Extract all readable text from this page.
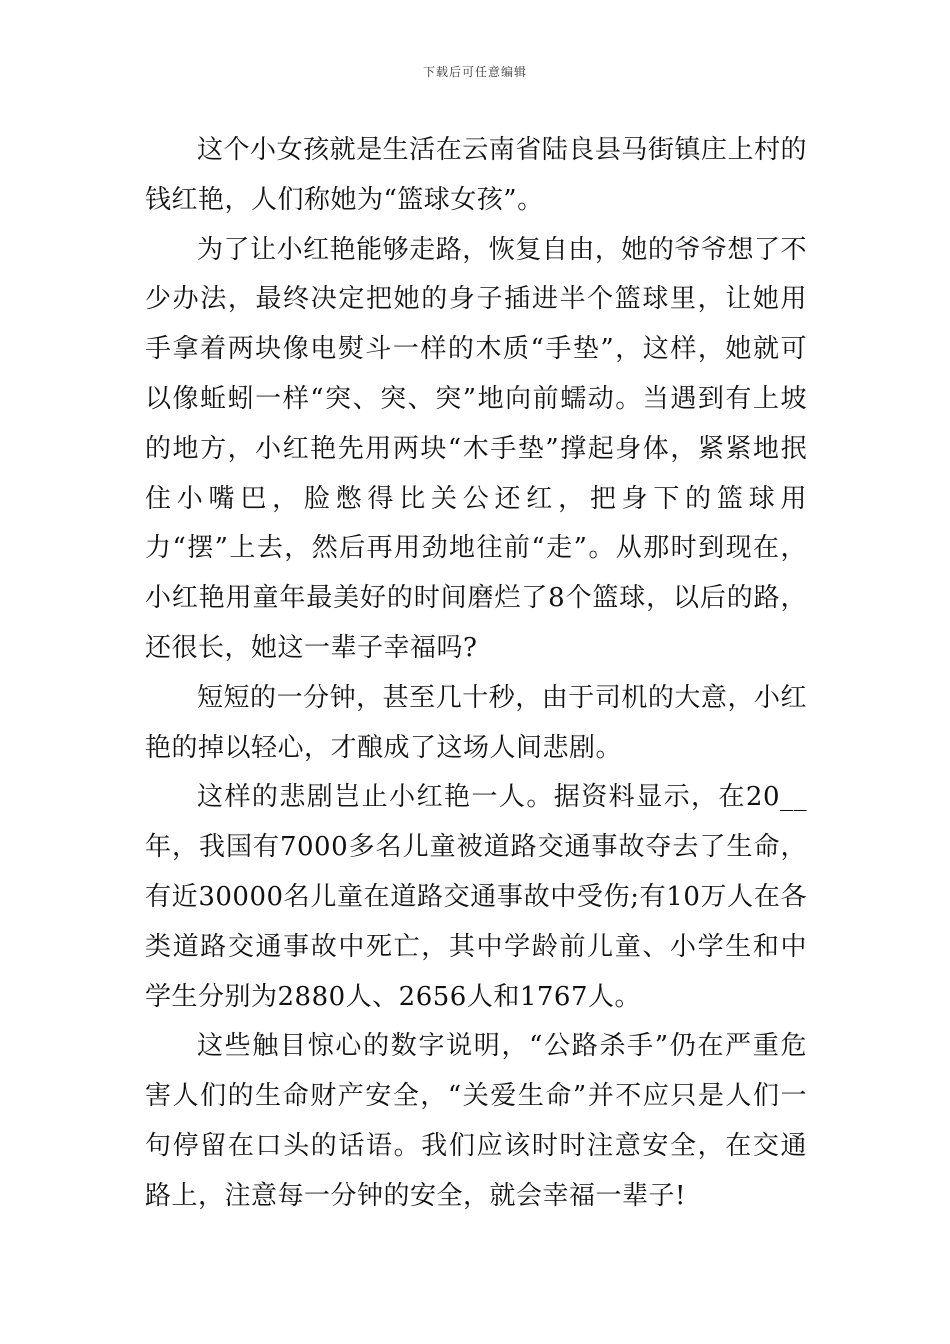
下载后可任意编辑

这个小女孩就是生活在云南省陆良县马街镇庄上村的钱红艳，人们称她为“篮球女孩”。

为了让小红艳能够走路，恢复自由，她的爷爷想了不少办法，最终决定把她的身子插进半个篮球里，让她用手拿着两块像电熨斗一样的木质“手垫”，这样，她就可以像蚯蚓一样“突、突、突”地向前蠕动。当遇到有上坡的地方，小红艳先用两块“木手垫”撑起身体，紧紧地抿住小嘴巴，脸憋得比关公还红，把身下的篮球用力“摆”上去，然后再用劲地往前“走”。从那时到现在，小红艳用童年最美好的时间磨烂了8个篮球，以后的路，还很长，她这一辈子幸福吗?

短短的一分钟，甚至几十秒，由于司机的大意，小红艳的掉以轻心，才酿成了这场人间悲剧。

这样的悲剧岂止小红艳一人。据资料显示，在20__年，我国有7000多名儿童被道路交通事故夺去了生命，有近30000名儿童在道路交通事故中受伤;有10万人在各类道路交通事故中死亡，其中学龄前儿童、小学生和中学生分别为2880人、2656人和1767人。

这些触目惊心的数字说明，“公路杀手”仍在严重危害人们的生命财产安全，“关爱生命”并不应只是人们一句停留在口头的话语。我们应该时时注意安全，在交通路上，注意每一分钟的安全，就会幸福一辈子!
